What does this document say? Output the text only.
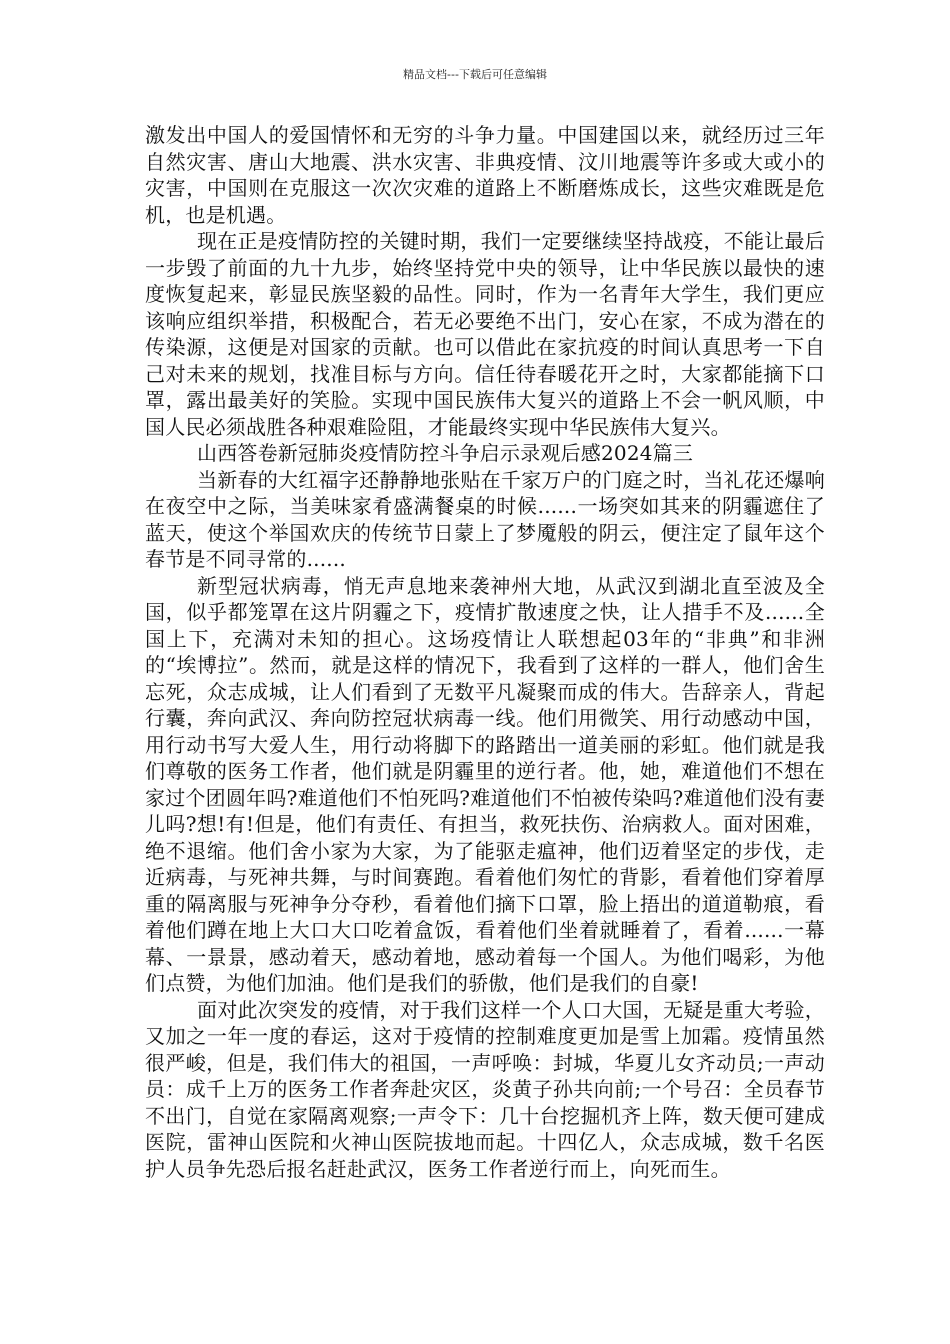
精品文档---下载后可任意编辑

激发出中国人的爱国情怀和无穷的斗争力量。中国建国以来，就经历过三年自然灾害、唐山大地震、洪水灾害、非典疫情、汶川地震等许多或大或小的灾害，中国则在克服这一次次灾难的道路上不断磨炼成长，这些灾难既是危机，也是机遇。

现在正是疫情防控的关键时期，我们一定要继续坚持战疫，不能让最后一步毁了前面的九十九步，始终坚持党中央的领导，让中华民族以最快的速度恢复起来，彰显民族坚毅的品性。同时，作为一名青年大学生，我们更应该响应组织举措，积极配合，若无必要绝不出门，安心在家，不成为潜在的传染源，这便是对国家的贡献。也可以借此在家抗疫的时间认真思考一下自己对未来的规划，找准目标与方向。信任待春暖花开之时，大家都能摘下口罩，露出最美好的笑脸。实现中国民族伟大复兴的道路上不会一帆风顺，中国人民必须战胜各种艰难险阻，才能最终实现中华民族伟大复兴。

山西答卷新冠肺炎疫情防控斗争启示录观后感2024篇三

当新春的大红福字还静静地张贴在千家万户的门庭之时，当礼花还爆响在夜空中之际，当美味家肴盛满餐桌的时候......一场突如其来的阴霾遮住了蓝天，使这个举国欢庆的传统节日蒙上了梦魇般的阴云，便注定了鼠年这个春节是不同寻常的......

新型冠状病毒，悄无声息地来袭神州大地，从武汉到湖北直至波及全国，似乎都笼罩在这片阴霾之下，疫情扩散速度之快，让人措手不及......全国上下，充满对未知的担心。这场疫情让人联想起03年的“非典”和非洲的“埃博拉”。然而，就是这样的情况下，我看到了这样的一群人，他们舍生忘死，众志成城，让人们看到了无数平凡凝聚而成的伟大。告辞亲人，背起行囊，奔向武汉、奔向防控冠状病毒一线。他们用微笑、用行动感动中国，用行动书写大爱人生，用行动将脚下的路踏出一道美丽的彩虹。他们就是我们尊敬的医务工作者，他们就是阴霾里的逆行者。他，她，难道他们不想在家过个团圆年吗?难道他们不怕死吗?难道他们不怕被传染吗?难道他们没有妻儿吗?想!有!但是，他们有责任、有担当，救死扶伤、治病救人。面对困难，绝不退缩。他们舍小家为大家，为了能驱走瘟神，他们迈着坚定的步伐，走近病毒，与死神共舞，与时间赛跑。看着他们匆忙的背影，看着他们穿着厚重的隔离服与死神争分夺秒，看着他们摘下口罩，脸上捂出的道道勒痕，看着他们蹲在地上大口大口吃着盒饭，看着他们坐着就睡着了，看着......一幕幕、一景景，感动着天，感动着地，感动着每一个国人。为他们喝彩，为他们点赞，为他们加油。他们是我们的骄傲，他们是我们的自豪!

面对此次突发的疫情，对于我们这样一个人口大国，无疑是重大考验，又加之一年一度的春运，这对于疫情的控制难度更加是雪上加霜。疫情虽然很严峻，但是，我们伟大的祖国，一声呼唤：封城，华夏儿女齐动员;一声动员：成千上万的医务工作者奔赴灾区，炎黄子孙共向前;一个号召：全员春节不出门，自觉在家隔离观察;一声令下：几十台挖掘机齐上阵，数天便可建成医院，雷神山医院和火神山医院拔地而起。十四亿人，众志成城，数千名医护人员争先恐后报名赶赴武汉，医务工作者逆行而上，向死而生。
